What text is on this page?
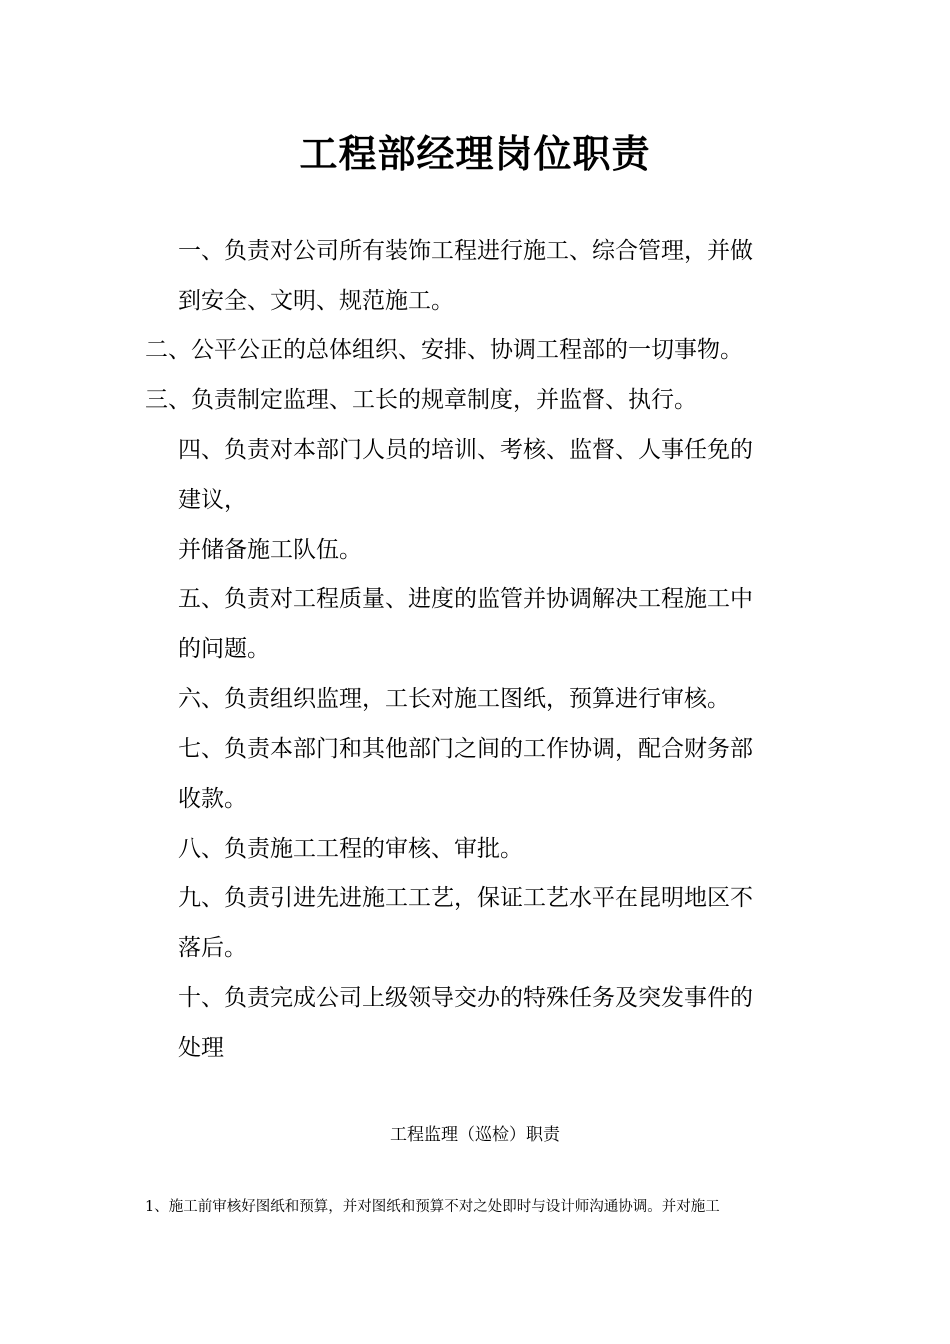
工程部经理岗位职责
一、负责对公司所有装饰工程进行施工、综合管理，并做
到安全、文明、规范施工。
二、公平公正的总体组织、安排、协调工程部的一切事物。
三、负责制定监理、工长的规章制度，并监督、执行。
四、负责对本部门人员的培训、考核、监督、人事任免的
建议，
并储备施工队伍。
五、负责对工程质量、进度的监管并协调解决工程施工中
的问题。
六、负责组织监理，工长对施工图纸，预算进行审核。
七、负责本部门和其他部门之间的工作协调，配合财务部
收款。
八、负责施工工程的审核、审批。
九、负责引进先进施工工艺，保证工艺水平在昆明地区不
落后。
十、负责完成公司上级领导交办的特殊任务及突发事件的
处理
工程监理（巡检）职责
1、施工前审核好图纸和预算，并对图纸和预算不对之处即时与设计师沟通协调。并对施工
